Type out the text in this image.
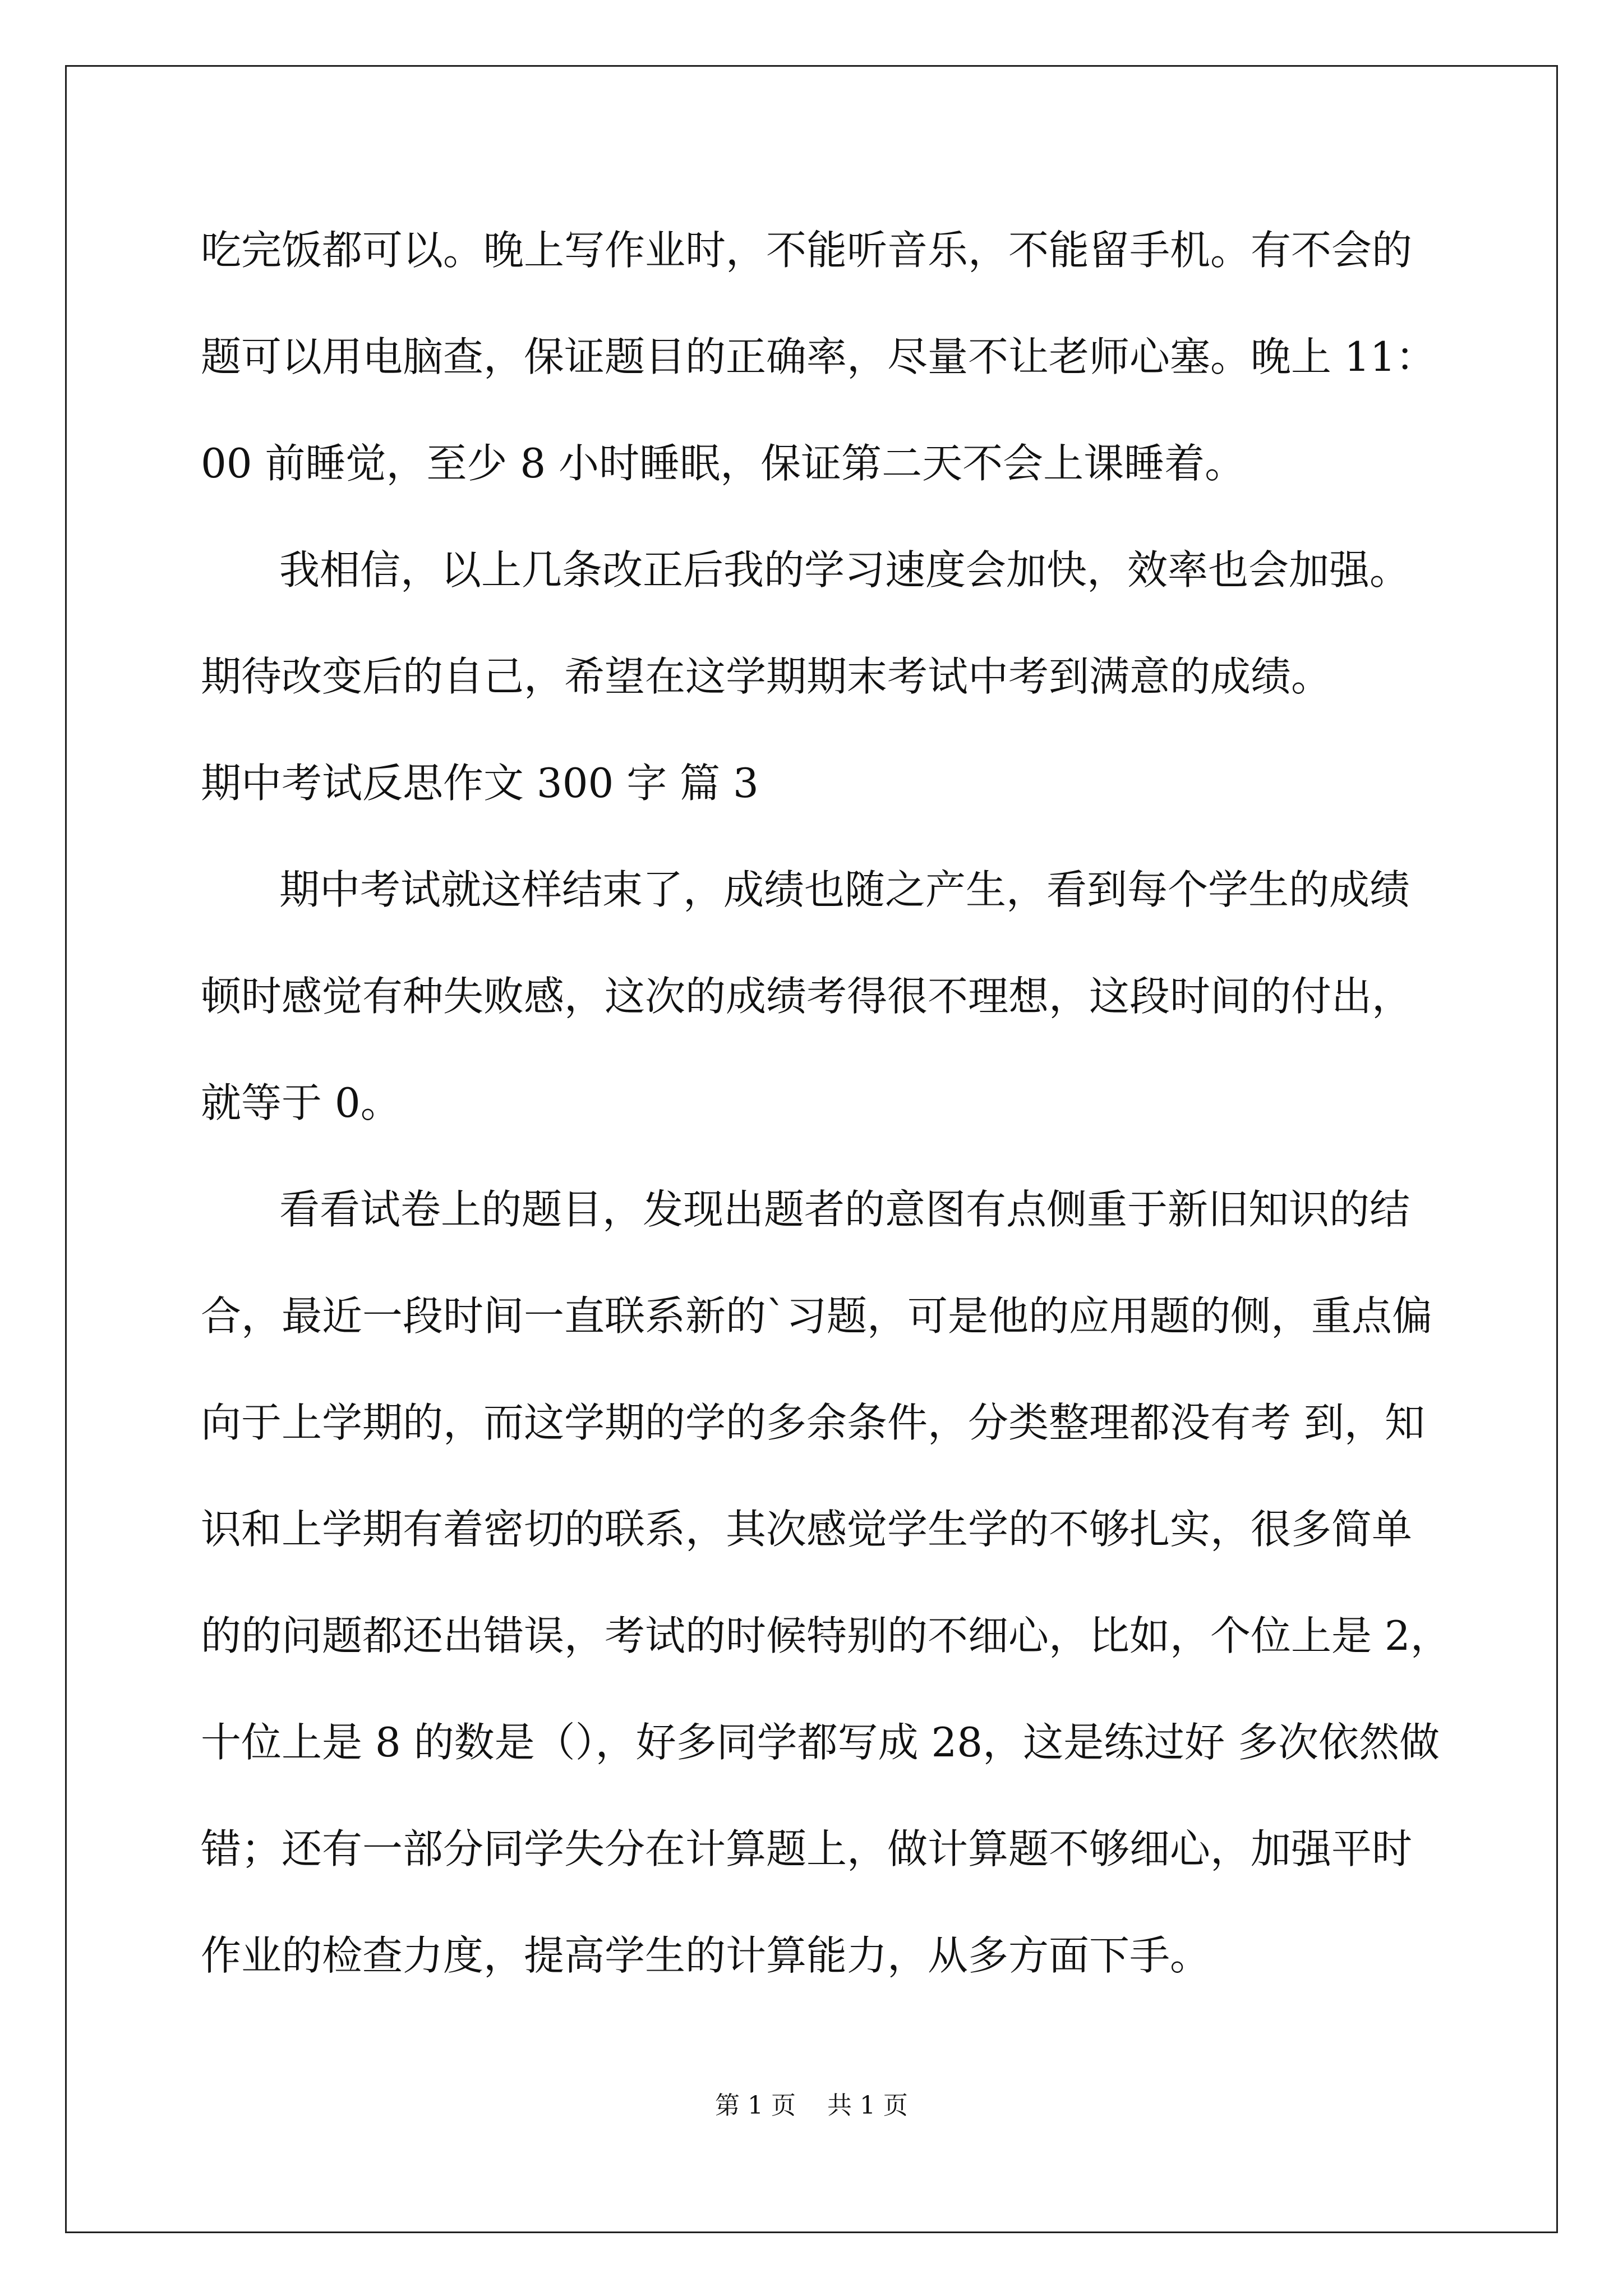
吃完饭都可以。晚上写作业时，不能听音乐，不能留手机。有不会的
题可以用电脑查，保证题目的正确率，尽量不让老师心塞。晚上 11：
00 前睡觉，至少 8 小时睡眠，保证第二天不会上课睡着。
我相信，以上几条改正后我的学习速度会加快，效率也会加强。
期待改变后的自己，希望在这学期期末考试中考到满意的成绩。
期中考试反思作文 300 字 篇 3
期中考试就这样结束了，成绩也随之产生，看到每个学生的成绩
顿时感觉有种失败感，这次的成绩考得很不理想，这段时间的付出，
就等于 0。
看看试卷上的题目，发现出题者的意图有点侧重于新旧知识的结
合，最近一段时间一直联系新的`习题，可是他的应用题的侧，重点偏
向于上学期的，而这学期的学的多余条件，分类整理都没有考 到，知
识和上学期有着密切的联系，其次感觉学生学的不够扎实，很多简单
的的问题都还出错误，考试的时候特别的不细心，比如，个位上是 2，
十位上是 8 的数是（），好多同学都写成 28，这是练过好 多次依然做
错；还有一部分同学失分在计算题上，做计算题不够细心，加强平时
作业的检查力度，提高学生的计算能力，从多方面下手。
第 1 页    共 1 页
